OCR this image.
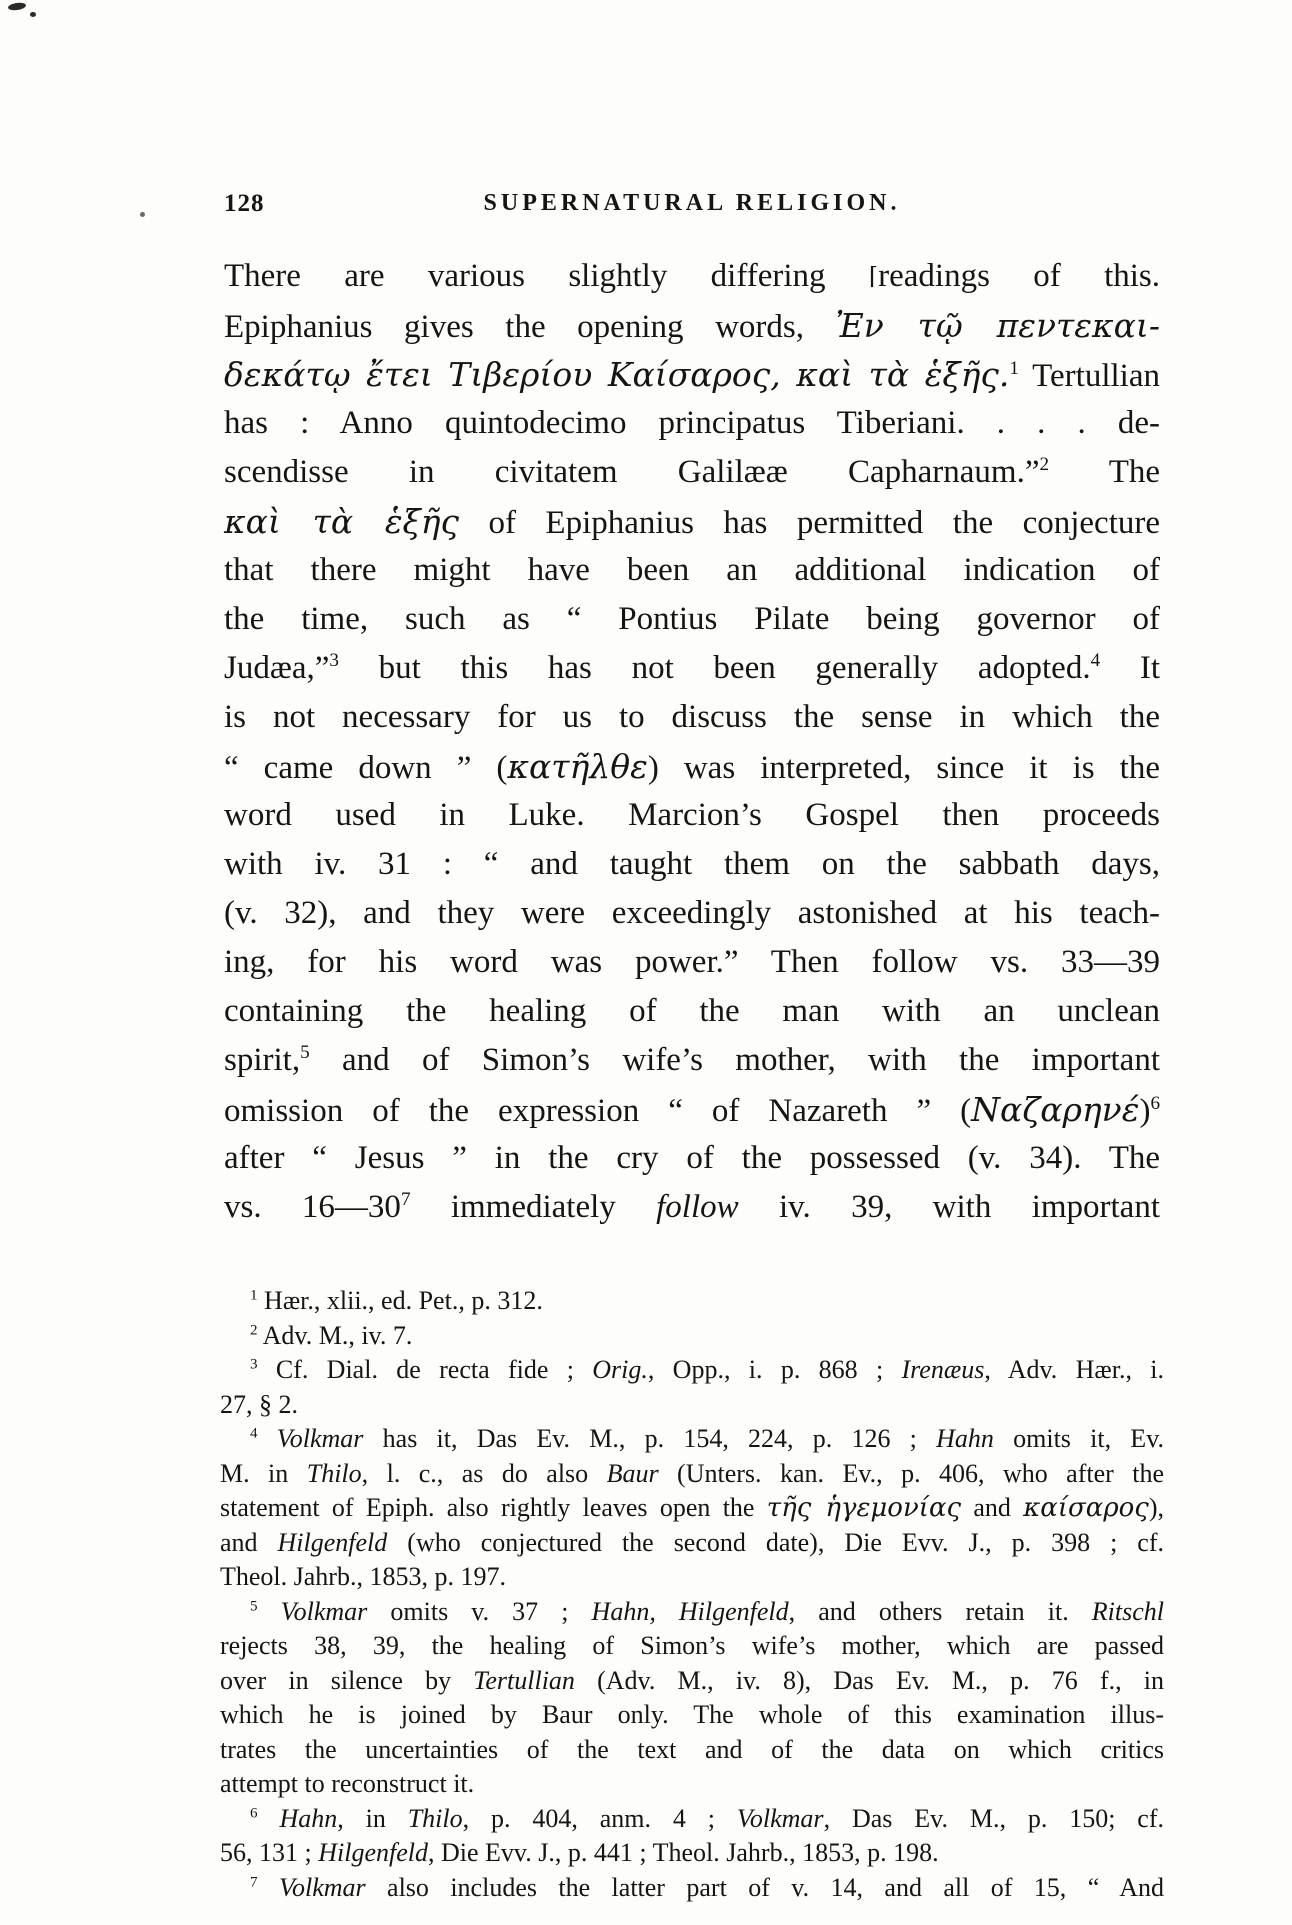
128	SUPERNATURAL RELIGION.
There are various slightly differing ⌈readings of this.
Epiphanius gives the opening words, Ἐν τῷ πεντεκαι-
δεκάτῳ ἔτει Τιβερίου Καίσαρος, καὶ τὰ ἑξῆς.$^1$ Tertullian
has : Anno quintodecimo principatus Tiberiani. . . . de-
scendisse in civitatem Galilææ Capharnaum.”$^2$ The
καὶ τὰ ἑξῆς of Epiphanius has permitted the conjecture
that there might have been an additional indication of
the time, such as “ Pontius Pilate being governor of
Judæa,”$^3$ but this has not been generally adopted.$^4$ It
is not necessary for us to discuss the sense in which the
“ came down ” (κατῆλθε) was interpreted, since it is the
word used in Luke. Marcion’s Gospel then proceeds
with iv. 31 : “ and taught them on the sabbath days,
(v. 32), and they were exceedingly astonished at his teach-
ing, for his word was power.” Then follow vs. 33—39
containing the healing of the man with an unclean
spirit,$^5$ and of Simon’s wife’s mother, with the important
omission of the expression “ of Nazareth ” $(N\alpha\zeta\alpha\rho\eta\nu έ)^6$
after “ Jesus ” in the cry of the possessed (v. 34). The
vs. $16—30^7$ immediately follow iv. 39, with important
$^1$ Hær., xlii., ed. Pet., p. 312.
$^2$ Adv. M., iv. 7.
$^3$ Cf. Dial. de recta fide ; Orig., Opp., i. p. 868 ; Irenæus, Adv. Hær., i.
27, § 2.
$^4$ Volkmar has it, Das Ev. M., p. 154, 224, p. 126 ; Hahn omits it, Ev.
M. in Thilo, l. c., as do also Baur (Unters. kan. Ev., p. 406, who after the
statement of Epiph. also rightly leaves open the τῆς ἡγεμονίας and καίσαρος),
and Hilgenfeld (who conjectured the second date), Die Evv. J., p. 398 ; cf.
Theol. Jahrb., 1853, p. 197.
$^5$ Volkmar omits v. 37 ; Hahn, Hilgenfeld, and others retain it. Ritschl
rejects 38, 39, the healing of Simon’s wife’s mother, which are passed
over in silence by Tertullian (Adv. M., iv. 8), Das Ev. M., p. 76 f., in
which he is joined by Baur only. The whole of this examination illus-
trates the uncertainties of the text and of the data on which critics
attempt to reconstruct it.
$^6$ Hahn, in Thilo, p. 404, anm. 4 ; Volkmar, Das Ev. M., p. 150; cf.
56, 131 ; Hilgenfeld, Die Evv. J., p. 441 ; Theol. Jahrb., 1853, p. 198.
$^7$ Volkmar also includes the latter part of v. 14, and all of 15, “ And
